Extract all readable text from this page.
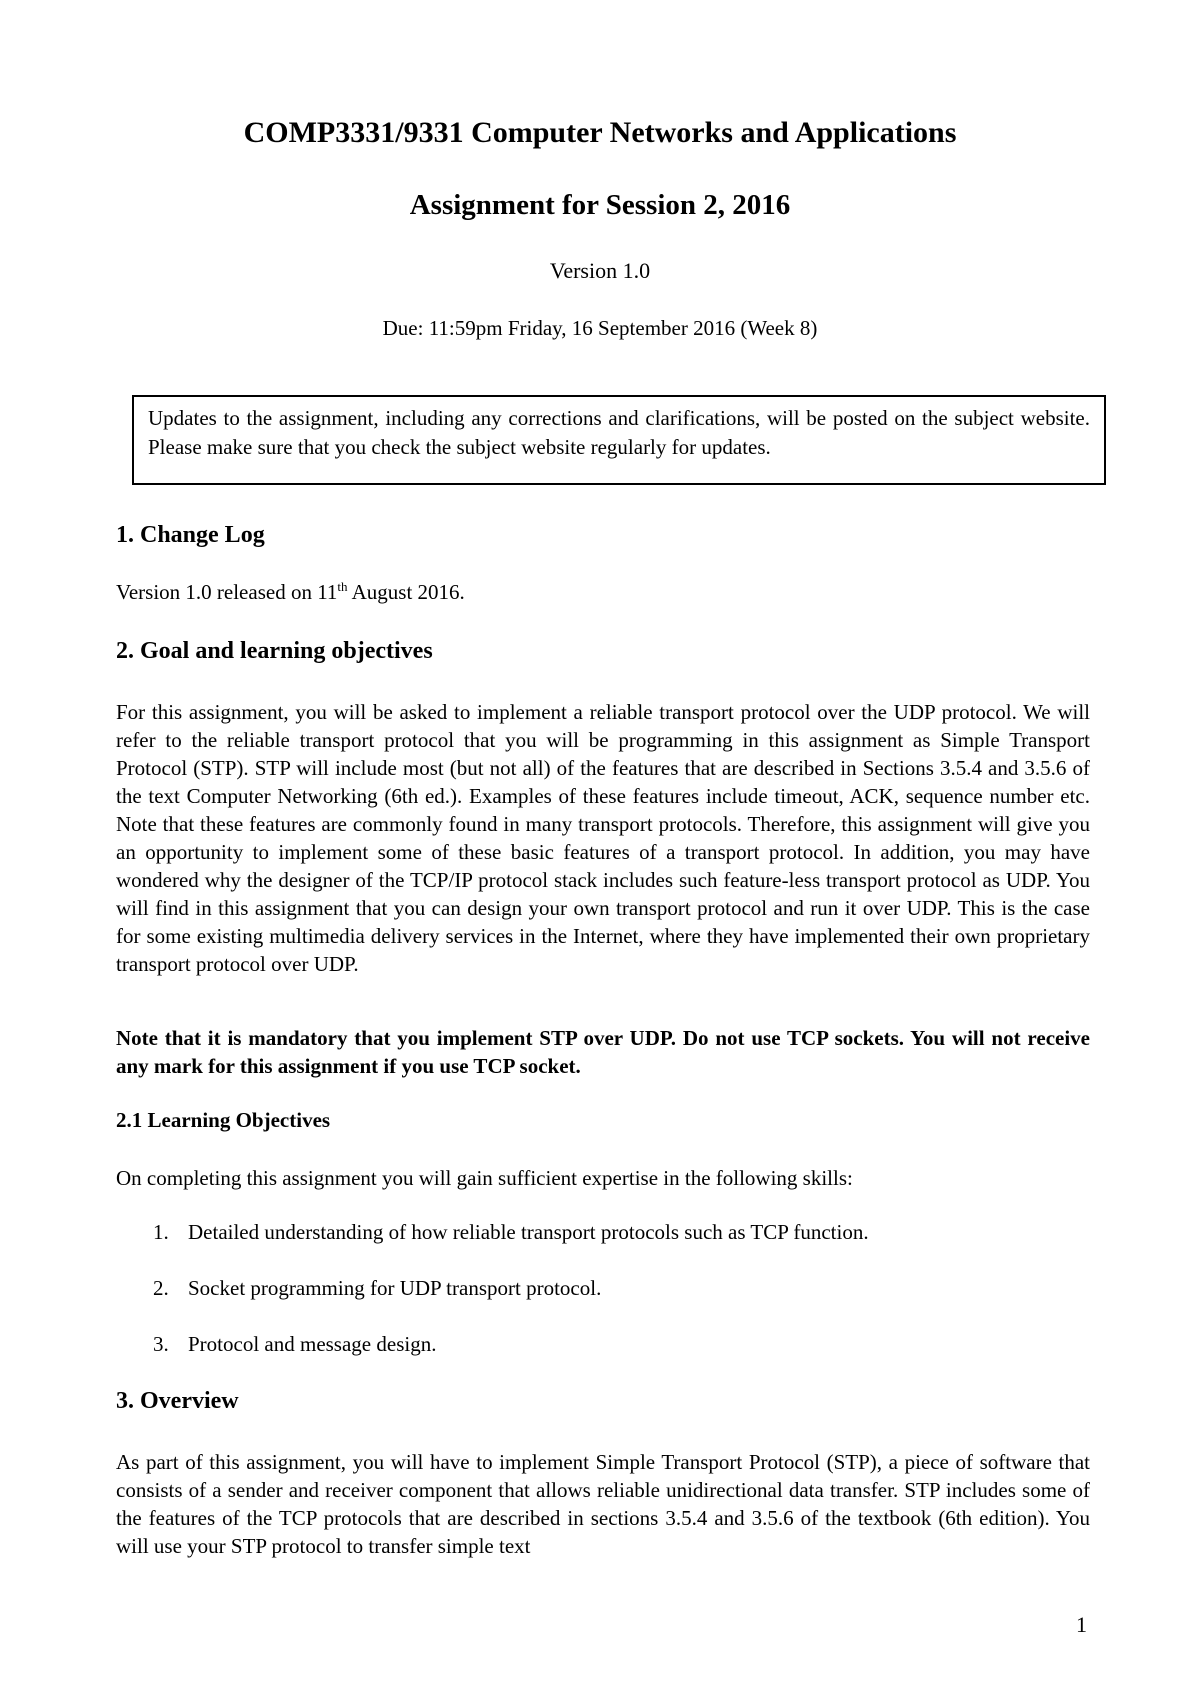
COMP3331/9331 Computer Networks and Applications
Assignment for Session 2, 2016
Version 1.0
Due: 11:59pm Friday, 16 September 2016 (Week 8)
Updates to the assignment, including any corrections and clarifications, will be posted on the subject website. Please make sure that you check the subject website regularly for updates.
1. Change Log

Version 1.0 released on 11th August 2016.

2. Goal and learning objectives

For this assignment, you will be asked to implement a reliable transport protocol over the UDP protocol. We will refer to the reliable transport protocol that you will be programming in this assignment as Simple Transport Protocol (STP). STP will include most (but not all) of the features that are described in Sections 3.5.4 and 3.5.6 of the text Computer Networking (6th ed.). Examples of these features include timeout, ACK, sequence number etc. Note that these features are commonly found in many transport protocols. Therefore, this assignment will give you an opportunity to implement some of these basic features of a transport protocol. In addition, you may have wondered why the designer of the TCP/IP protocol stack includes such feature-less transport protocol as UDP. You will find in this assignment that you can design your own transport protocol and run it over UDP. This is the case for some existing multimedia delivery services in the Internet, where they have implemented their own proprietary transport protocol over UDP.

Note that it is mandatory that you implement STP over UDP. Do not use TCP sockets. You will not receive any mark for this assignment if you use TCP socket.

2.1 Learning Objectives

On completing this assignment you will gain sufficient expertise in the following skills:

1. Detailed understanding of how reliable transport protocols such as TCP function.
2. Socket programming for UDP transport protocol.
3. Protocol and message design.
3. Overview

As part of this assignment, you will have to implement Simple Transport Protocol (STP), a piece of software that consists of a sender and receiver component that allows reliable unidirectional data transfer. STP includes some of the features of the TCP protocols that are described in sections 3.5.4 and 3.5.6 of the textbook (6th edition). You will use your STP protocol to transfer simple text

1
